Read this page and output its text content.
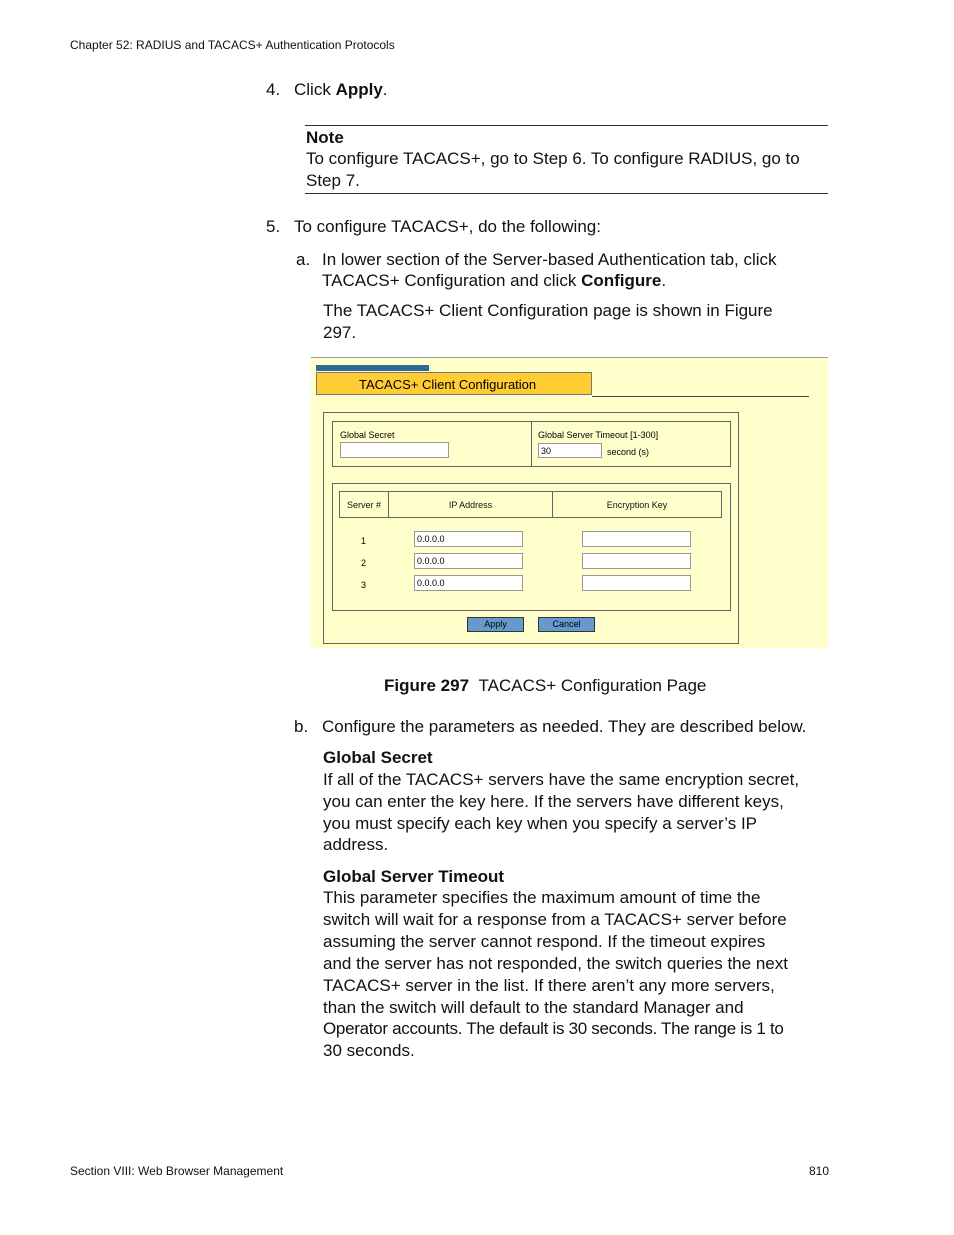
Chapter 52: RADIUS and TACACS+ Authentication Protocols
4. Click Apply.
Note
To configure TACACS+, go to Step 6. To configure RADIUS, go to
Step 7.
5. To configure TACACS+, do the following:
a. In lower section of the Server-based Authentication tab, click
TACACS+ Configuration and click Configure.
The TACACS+ Client Configuration page is shown in Figure
297.
TACACS+ Client Configuration
Global Secret	Global Server Timeout [1-300]
30	second (s)
Server #	IP Address	Encryption Key
1	0.0.0.0
2	0.0.0.0
3	0.0.0.0
Apply	Cancel
Figure 297 TACACS+ Configuration Page
b. Configure the parameters as needed. They are described below.
Global Secret
If all of the TACACS+ servers have the same encryption secret,
you can enter the key here. If the servers have different keys,
you must specify each key when you specify a server’s IP
address.
Global Server Timeout
This parameter specifies the maximum amount of time the
switch will wait for a response from a TACACS+ server before
assuming the server cannot respond. If the timeout expires
and the server has not responded, the switch queries the next
TACACS+ server in the list. If there aren’t any more servers,
than the switch will default to the standard Manager and
Operator accounts. The default is 30 seconds. The range is 1 to
30 seconds.
Section VIII: Web Browser Management	810
